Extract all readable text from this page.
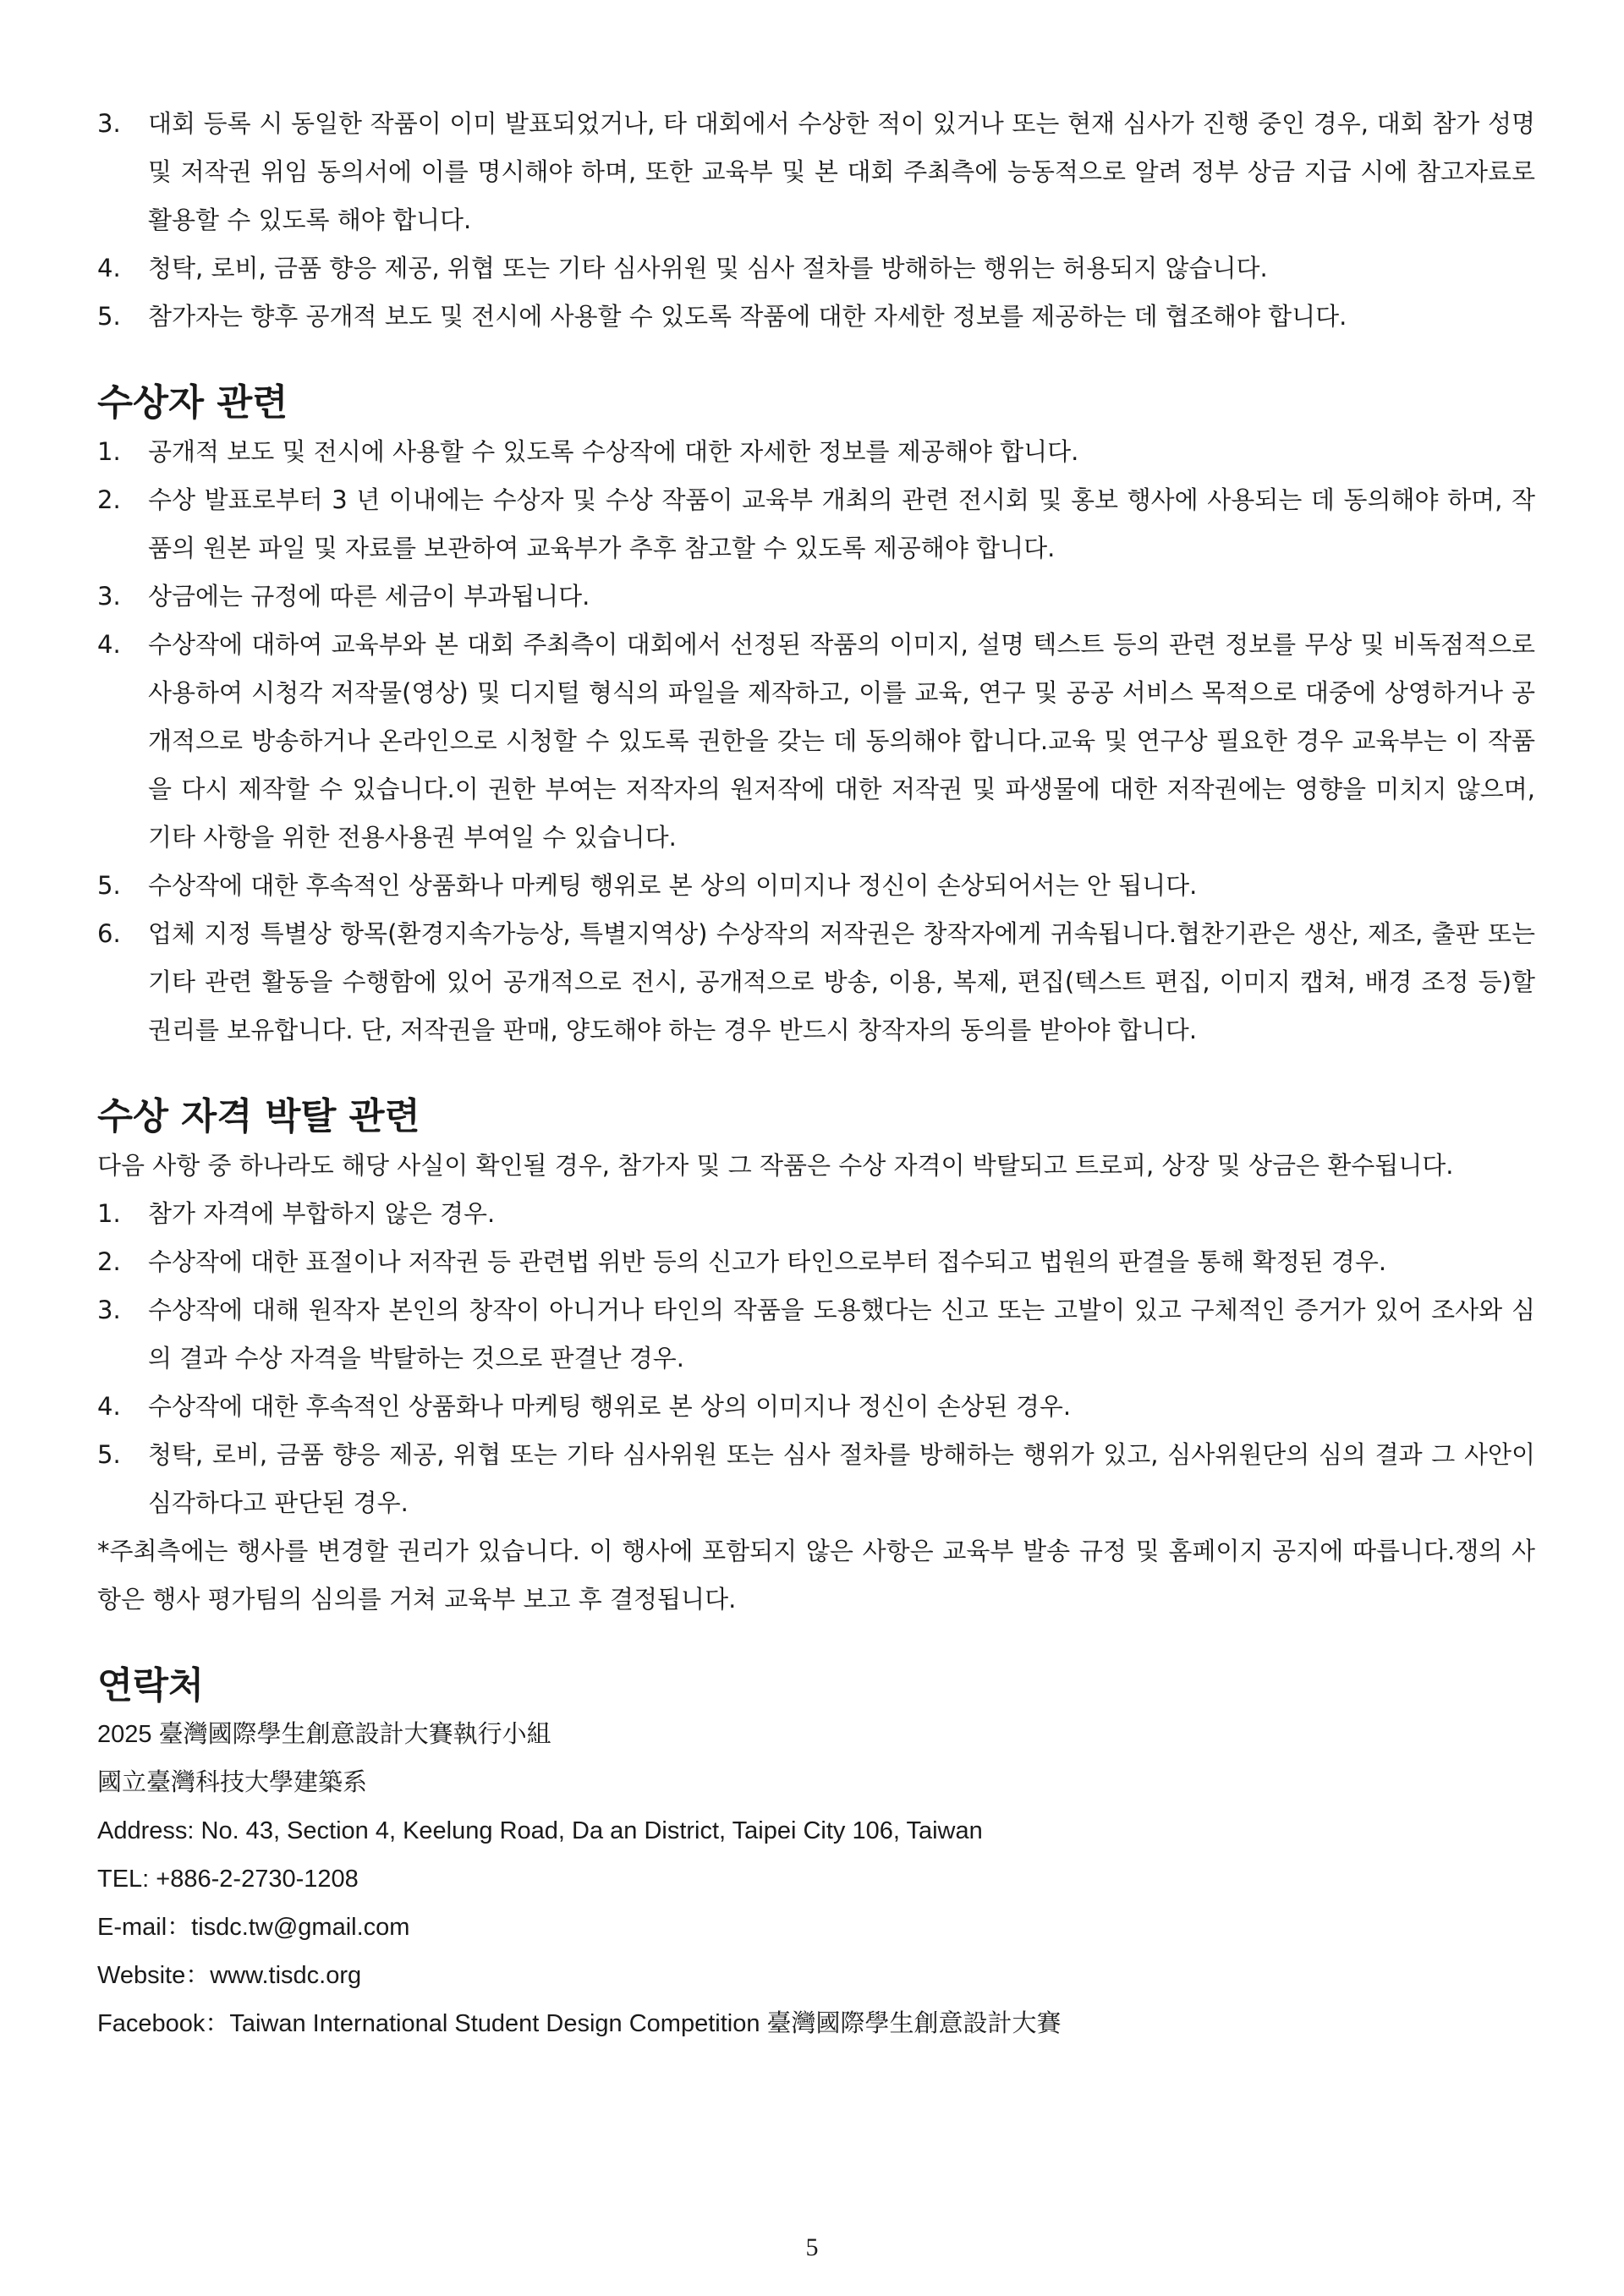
3.	대회 등록 시 동일한 작품이 이미 발표되었거나, 타 대회에서 수상한 적이 있거나 또는 현재 심사가 진행 중인 경우, 대회 참가 성명 및 저작권 위임 동의서에 이를 명시해야 하며, 또한 교육부 및 본 대회 주최측에 능동적으로 알려 정부 상금 지급 시에 참고자료로 활용할 수 있도록 해야 합니다.
4.	청탁, 로비, 금품 향응 제공, 위협 또는 기타 심사위원 및 심사 절차를 방해하는 행위는 허용되지 않습니다.
5.	참가자는 향후 공개적 보도 및 전시에 사용할 수 있도록 작품에 대한 자세한 정보를 제공하는 데 협조해야 합니다.
수상자 관련
1.	공개적 보도 및 전시에 사용할 수 있도록 수상작에 대한 자세한 정보를 제공해야 합니다.
2.	수상 발표로부터 3 년 이내에는 수상자 및 수상 작품이 교육부 개최의 관련 전시회 및 홍보 행사에 사용되는 데 동의해야 하며, 작품의 원본 파일 및 자료를 보관하여 교육부가 추후 참고할 수 있도록 제공해야 합니다.
3.	상금에는 규정에 따른 세금이 부과됩니다.
4.	수상작에 대하여 교육부와 본 대회 주최측이 대회에서 선정된 작품의 이미지, 설명 텍스트 등의 관련 정보를 무상 및 비독점적으로 사용하여 시청각 저작물(영상) 및 디지털 형식의 파일을 제작하고, 이를 교육, 연구 및 공공 서비스 목적으로 대중에 상영하거나 공개적으로 방송하거나 온라인으로 시청할 수 있도록 권한을 갖는 데 동의해야 합니다.교육 및 연구상 필요한 경우 교육부는 이 작품을 다시 제작할 수 있습니다.이 권한 부여는 저작자의 원저작에 대한 저작권 및 파생물에 대한 저작권에는 영향을 미치지 않으며, 기타 사항을 위한 전용사용권 부여일 수 있습니다.
5.	수상작에 대한 후속적인 상품화나 마케팅 행위로 본 상의 이미지나 정신이 손상되어서는 안 됩니다.
6.	업체 지정 특별상 항목(환경지속가능상, 특별지역상) 수상작의 저작권은 창작자에게 귀속됩니다.협찬기관은 생산, 제조, 출판 또는 기타 관련 활동을 수행함에 있어 공개적으로 전시, 공개적으로 방송, 이용, 복제, 편집(텍스트 편집, 이미지 캡쳐, 배경 조정 등)할 권리를 보유합니다. 단, 저작권을 판매, 양도해야 하는 경우 반드시 창작자의 동의를 받아야 합니다.
수상 자격 박탈 관련

다음 사항 중 하나라도 해당 사실이 확인될 경우, 참가자 및 그 작품은 수상 자격이 박탈되고 트로피, 상장 및 상금은 환수됩니다.

1.	참가 자격에 부합하지 않은 경우.
2.	수상작에 대한 표절이나 저작권 등 관련법 위반 등의 신고가 타인으로부터 접수되고 법원의 판결을 통해 확정된 경우.
3.	수상작에 대해 원작자 본인의 창작이 아니거나 타인의 작품을 도용했다는 신고 또는 고발이 있고 구체적인 증거가 있어 조사와 심의 결과 수상 자격을 박탈하는 것으로 판결난 경우.
4.	수상작에 대한 후속적인 상품화나 마케팅 행위로 본 상의 이미지나 정신이 손상된 경우.
5.	청탁, 로비, 금품 향응 제공, 위협 또는 기타 심사위원 또는 심사 절차를 방해하는 행위가 있고, 심사위원단의 심의 결과 그 사안이 심각하다고 판단된 경우.

*주최측에는 행사를 변경할 권리가 있습니다. 이 행사에 포함되지 않은 사항은 교육부 발송 규정 및 홈페이지 공지에 따릅니다.쟁의 사항은 행사 평가팀의 심의를 거쳐 교육부 보고 후 결정됩니다.

연락처

2025 臺灣國際學生創意設計大賽執行小組

國立臺灣科技大學建築系

Address: No. 43, Section 4, Keelung Road, Da an District, Taipei City 106, Taiwan

TEL: +886-2-2730-1208

E-mail：tisdc.tw@gmail.com

Website：www.tisdc.org

Facebook：Taiwan International Student Design Competition 臺灣國際學生創意設計大賽

5
